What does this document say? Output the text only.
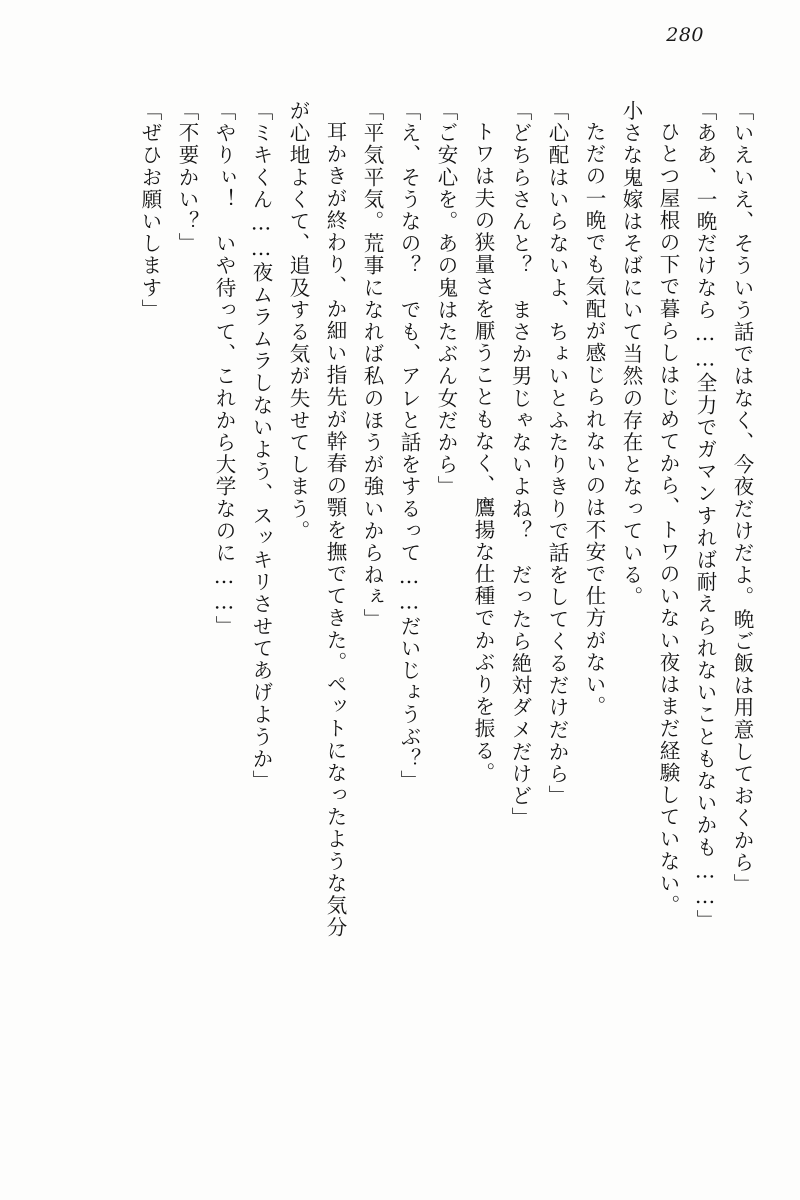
280
「いえいえ、そういう話ではなく、今夜だけだよ。晩ご飯は用意しておくから」
「ああ、一晩だけなら……全力でガマンすれば耐えられないこともないかも……」
ひとつ屋根の下で暮らしはじめてから、トワのいない夜はまだ経験していない。
小さな鬼嫁はそばにいて当然の存在となっている。
ただの一晩でも気配が感じられないのは不安で仕方がない。
「心配はいらないよ、ちょいとふたりきりで話をしてくるだけだから」
「どちらさんと？　まさか男じゃないよね？　だったら絶対ダメだけど」
トワは夫の狭量さを厭うこともなく、鷹揚な仕種でかぶりを振る。
「ご安心を。あの鬼はたぶん女だから」
「え、そうなの？　でも、アレと話をするって……だいじょうぶ？」
「平気平気。荒事になれば私のほうが強いからねぇ」
耳かきが終わり、か細い指先が幹春の顎を撫でてきた。ペットになったような気分
が心地よくて、追及する気が失せてしまう。
「ミキくん……夜ムラムラしないよう、スッキリさせてあげようか」
「やりぃ！　いや待って、これから大学なのに……」
「不要かい？」
「ぜひお願いします」
